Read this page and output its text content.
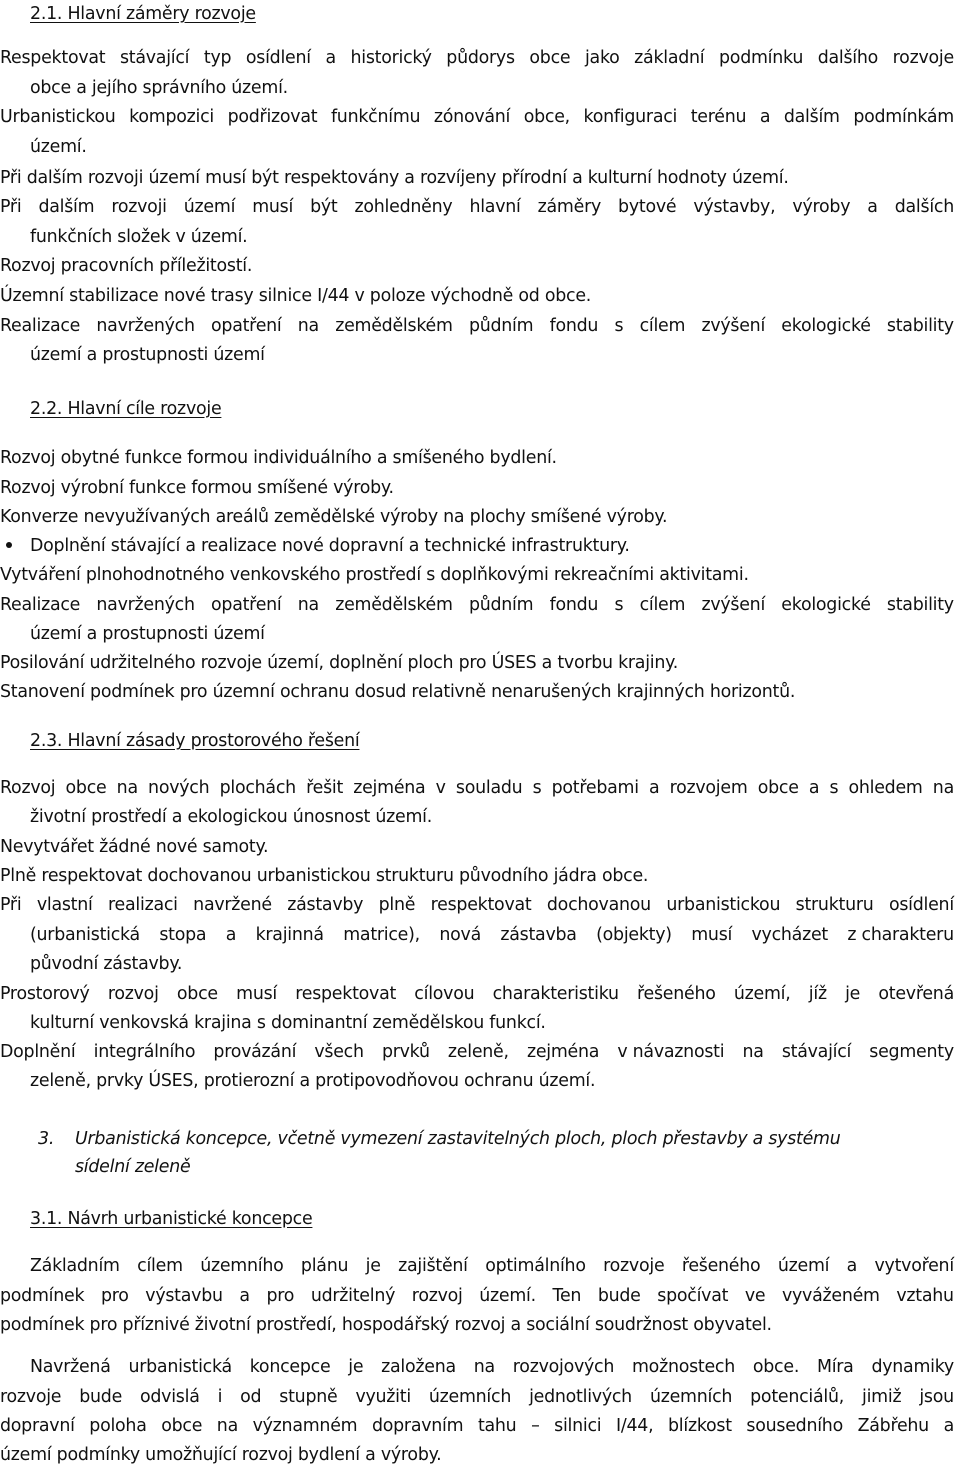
2.1. Hlavní záměry rozvoje
Respektovat stávající typ osídlení a historický půdorys obce jako základní podmínku dalšího rozvoje
obce a jejího správního území.
Urbanistickou kompozici podřizovat funkčnímu zónování obce, konfiguraci terénu a dalším podmínkám
území.
Při dalším rozvoji území musí být respektovány a rozvíjeny přírodní a kulturní hodnoty území.
Při dalším rozvoji území musí být zohledněny hlavní záměry bytové výstavby, výroby a dalších
funkčních složek v území.
Rozvoj pracovních příležitostí.
Územní stabilizace nové trasy silnice I/44 v poloze východně od obce.
Realizace navržených opatření na zemědělském půdním fondu s cílem zvýšení ekologické stability
území a prostupnosti území
2.2. Hlavní cíle rozvoje
Rozvoj obytné funkce formou individuálního a smíšeného bydlení.
Rozvoj výrobní funkce formou smíšené výroby.
Konverze nevyužívaných areálů zemědělské výroby na plochy smíšené výroby.
Doplnění stávající a realizace nové dopravní a technické infrastruktury.
Vytváření plnohodnotného venkovského prostředí s doplňkovými rekreačními aktivitami.
Realizace navržených opatření na zemědělském půdním fondu s cílem zvýšení ekologické stability
území a prostupnosti území
Posilování udržitelného rozvoje území, doplnění ploch pro ÚSES a tvorbu krajiny.
Stanovení podmínek pro územní ochranu dosud relativně nenarušených krajinných horizontů.
2.3. Hlavní zásady prostorového řešení
Rozvoj obce na nových plochách řešit zejména v souladu s potřebami a rozvojem obce a s ohledem na
životní prostředí a ekologickou únosnost území.
Nevytvářet žádné nové samoty.
Plně respektovat dochovanou urbanistickou strukturu původního jádra obce.
Při vlastní realizaci navržené zástavby plně respektovat dochovanou urbanistickou strukturu osídlení
(urbanistická stopa a krajinná matrice), nová zástavba (objekty) musí vycházet z charakteru
původní zástavby.
Prostorový rozvoj obce musí respektovat cílovou charakteristiku řešeného území, jíž je otevřená
kulturní venkovská krajina s dominantní zemědělskou funkcí.
Doplnění integrálního provázání všech prvků zeleně, zejména v návaznosti na stávající segmenty
zeleně, prvky ÚSES, protierozní a protipovodňovou ochranu území.
3. Urbanistická koncepce, včetně vymezení zastavitelných ploch, ploch přestavby a systému
sídelní zeleně
3.1. Návrh urbanistické koncepce
Základním cílem územního plánu je zajištění optimálního rozvoje řešeného území a vytvoření
podmínek pro výstavbu a pro udržitelný rozvoj území. Ten bude spočívat ve vyváženém vztahu
podmínek pro příznivé životní prostředí, hospodářský rozvoj a sociální soudržnost obyvatel.
Navržená urbanistická koncepce je založena na rozvojových možnostech obce. Míra dynamiky
rozvoje bude odvislá i od stupně využiti územních jednotlivých územních potenciálů, jimiž jsou
dopravní poloha obce na významném dopravním tahu – silnici I/44, blízkost sousedního Zábřehu a
území podmínky umožňující rozvoj bydlení a výroby.
